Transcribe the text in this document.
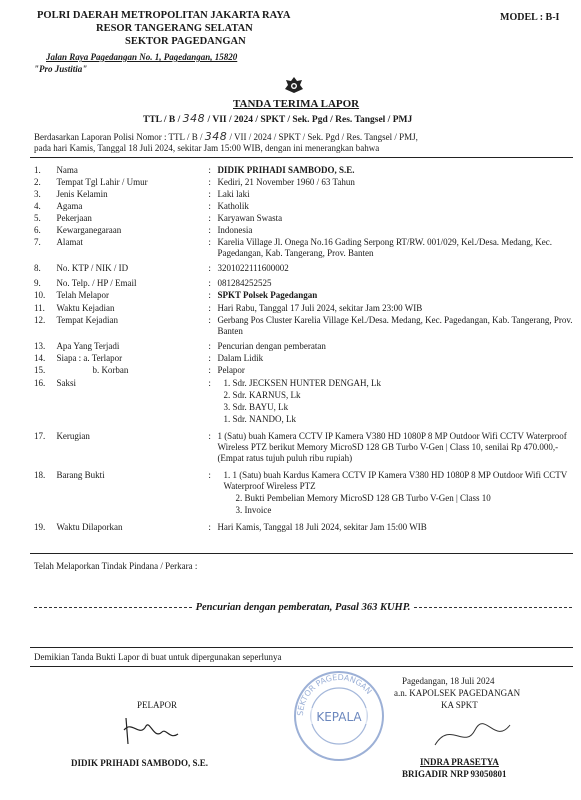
POLRI DAERAH METROPOLITAN JAKARTA RAYA
RESOR TANGERANG SELATAN
SEKTOR PAGEDANGAN
Jalan Raya Pagedangan No. 1, Pagedangan, 15820
"Pro Justitia"
MODEL : B-I
TANDA TERIMA LAPOR
TTL / B / 348 / VII / 2024 / SPKT / Sek. Pgd / Res. Tangsel / PMJ
Berdasarkan Laporan Polisi Nomor : TTL / B / 348 / VII / 2024 / SPKT / Sek. Pgd / Res. Tangsel / PMJ,
pada hari Kamis, Tanggal 18 Juli 2024, sekitar Jam 15:00 WIB, dengan ini menerangkan bahwa
1.	Nama	:	DIDIK PRIHADI SAMBODO, S.E.
2.	Tempat Tgl Lahir / Umur	:	Kediri, 21 November 1960 / 63 Tahun
3.	Jenis Kelamin	:	Laki laki
4.	Agama	:	Katholik
5.	Pekerjaan	:	Karyawan Swasta
6.	Kewarganegaraan	:	Indonesia
7.	Alamat	:	Karelia Village Jl. Onega No.16 Gading Serpong RT/RW. 001/029, Kel./Desa. Medang, Kec. Pagedangan, Kab. Tangerang, Prov. Banten
8.	No. KTP / NIK / ID	:	3201022111600002
9.	No. Telp. / HP / Email	:	081284252525
10.	Telah Melapor	:	SPKT Polsek Pagedangan
11.	Waktu Kejadian	:	Hari Rabu, Tanggal 17 Juli 2024, sekitar Jam 23:00 WIB
12.	Tempat Kejadian	:	Gerbang Pos Cluster Karelia Village Kel./Desa. Medang, Kec. Pagedangan, Kab. Tangerang, Prov. Banten
13.	Apa Yang Terjadi	:	Pencurian dengan pemberatan
14.	Siapa : a. Terlapor	:	Dalam Lidik
15.	b. Korban	:	Pelapor
16.	Saksi	:	1. Sdr. JECKSEN HUNTER DENGAH, Lk
			2. Sdr. KARNUS, Lk
			3. Sdr. BAYU, Lk
			1. Sdr. NANDO, Lk
17.	Kerugian	:	1 (Satu) buah Kamera CCTV IP Kamera V380 HD 1080P 8 MP Outdoor Wifi CCTV Waterproof Wireless PTZ berikut Memory MicroSD 128 GB Turbo V-Gen | Class 10, senilai Rp 470.000,- (Empat ratus tujuh puluh ribu rupiah)
18.	Barang Bukti	:	1. 1 (Satu) buah Kardus Kamera CCTV IP Kamera V380 HD 1080P 8 MP Outdoor Wifi CCTV Waterproof Wireless PTZ
			2. Bukti Pembelian Memory MicroSD 128 GB Turbo V-Gen | Class 10
			3. Invoice
19.	Waktu Dilaporkan	:	Hari Kamis, Tanggal 18 Juli 2024, sekitar Jam 15:00 WIB
Telah Melaporkan Tindak Pindana / Perkara :
Pencurian dengan pemberatan, Pasal 363 KUHP.
Demikian Tanda Bukti Lapor di buat untuk dipergunakan seperlunya
SEKTOR PAGEDANGAN
KEPALA
Pagedangan, 18 Juli 2024
a.n. KAPOLSEK PAGEDANGAN
KA SPKT
INDRA PRASETYA
BRIGADIR NRP 93050801
PELAPOR
DIDIK PRIHADI SAMBODO, S.E.
